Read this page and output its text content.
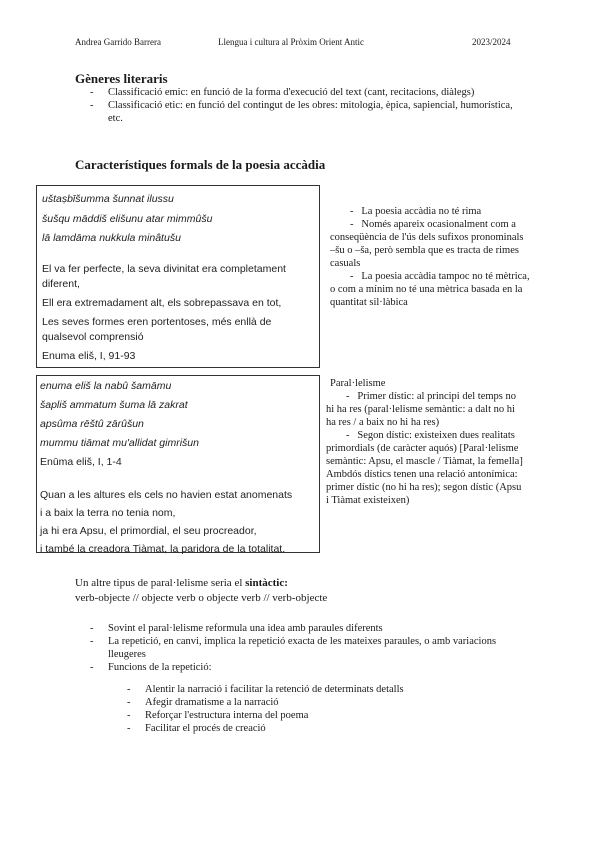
Andrea Garrido Barrera	Llengua i cultura al Pròxim Orient Antic	2023/2024
Gèneres literaris
- Classificació emic: en funció de la forma d'execució del text (cant, recitacions, diàlegs)
- Classificació etic: en funció del contingut de les obres: mitologia, èpica, sapiencial, humorística, etc.
Característiques formals de la poesia accàdia

uštaṣbīšumma šunnat ilussu

šušqu māddiš elišunu atar mimmûšu

lā lamdāma nukkula minâtušu

El va fer perfecte, la seva divinitat era completament diferent,

Ell era extremadament alt, els sobrepassava en tot,

Les seves formes eren portentoses, més enllà de qualsevol comprensió

Enuma eliš, I, 91-93

-   La poesia accàdia no té rima

-   Només apareix ocasionalment com a conseqüència de l'ús dels sufixos pronominals –šu o –ša, però sembla que es tracta de rimes casuals

-   La poesia accàdia tampoc no té mètrica, o com a mínim no té una mètrica basada en la quantitat sil·làbica

enuma eliš la nabû šamāmu

šapliš ammatum šuma lā zakrat

apsûma rēštû zārûšun

mummu tiāmat mu'allidat gimrišun

Enūma eliš, I, 1-4

Quan a les altures els cels no havien estat anomenats

i a baix la terra no tenia nom,

ja hi era Apsu, el primordial, el seu procreador,

i també la creadora Tiàmat, la paridora de la totalitat.

Paral·lelisme

-   Primer dístic: al principi del temps no hi ha res (paral·lelisme semàntic: a dalt no hi ha res / a baix no hi ha res)

-   Segon dístic: existeixen dues realitats primordials (de caràcter aquós) [Paral·lelisme semàntic: Apsu, el mascle / Tiàmat, la femella]

Ambdós dístics tenen una relació antonímica: primer dístic (no hi ha res); segon dístic (Apsu i Tiàmat existeixen)

Un altre tipus de paral·lelisme seria el sintàctic:
verb-objecte // objecte verb o objecte verb // verb-objecte
- Sovint el paral·lelisme reformula una idea amb paraules diferents
- La repetició, en canvi, implica la repetició exacta de les mateixes paraules, o amb variacions lleugeres
- Funcions de la repetició:
- Alentir la narració i facilitar la retenció de determinats detalls
- Afegir dramatisme a la narració
- Reforçar l'estructura interna del poema
- Facilitar el procés de creació
